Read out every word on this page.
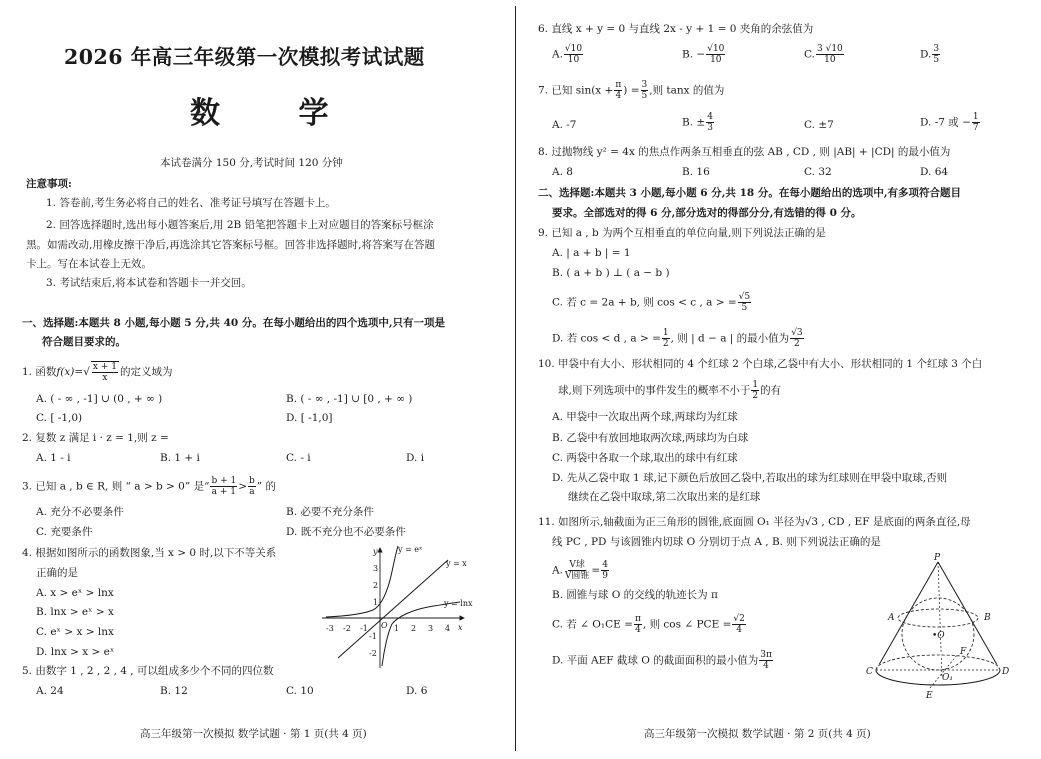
2026 年高三年级第一次模拟考试试题
数 学
本试卷满分 150 分,考试时间 120 分钟
注意事项:
1. 答卷前,考生务必将自己的姓名、准考证号填写在答题卡上。
2. 回答选择题时,选出每小题答案后,用 2B 铅笔把答题卡上对应题目的答案标号框涂
黑。如需改动,用橡皮擦干净后,再选涂其它答案标号框。回答非选择题时,将答案写在答题
卡上。写在本试卷上无效。
3. 考试结束后,将本试卷和答题卡一并交回。
一、选择题:本题共 8 小题,每小题 5 分,共 40 分。在每小题给出的四个选项中,只有一项是
符合题目要求的。
1. 函数$f(x)=√ \frac{x + 1}{x}$ 的定义域为
A. ( - ∞ , -1] ∪ (0 , + ∞ )	B. ( - ∞ , -1] ∪ [0 , + ∞ )
C. [ -1,0)	D. [ -1,0]
2. 复数 z 满足 i · z = 1,则 z =
A. 1 - i	B. 1 + i	C. - i	D. i
3. 已知 a , b ∈ R, 则 “ a > b > 0” 是“ $\frac{b + 1}{a + 1} > \frac{b}{a}$ ” 的
A. 充分不必要条件	B. 必要不充分条件
C. 充要条件	D. 既不充分也不必要条件
4. 根据如图所示的函数图象,当 x > 0 时,以下不等关系
正确的是
A. x > eˣ > lnx
B. lnx > eˣ > x
C. eˣ > x > lnx
D. lnx > x > eˣ
y
x
y = eˣ
y = x
y = lnx
O
-3 -2 -1	1 2 3 4
3
2
1
-1
-2
5. 由数字 1 , 2 , 2 , 4 , 可以组成多少个不同的四位数
A. 24	B. 12	C. 10	D. 6
高三年级第一次模拟 数学试题 · 第 1 页(共 4 页)
6. 直线 x + y = 0 与直线 2x - y + 1 = 0 夹角的余弦值为
A. $\frac{√10}{10}$	B. − $\frac{√10}{10}$	C. $\frac{3 √10}{10}$	D. $\frac{3}{5}$
7. 已知 $\sin(x + \frac{\pi}{4}$ ) = $\frac{3}{5}$ ,则 tanx 的值为
A. -7	B. ± $\frac{4}{3}$	C. ±7	D. -7 或 − $\frac{1}{7}$
8. 过抛物线 y² = 4x 的焦点作两条互相垂直的弦 AB , CD , 则 |AB| + |CD| 的最小值为
A. 8	B. 16	C. 32	D. 64
二、选择题:本题共 3 小题,每小题 6 分,共 18 分。在每小题给出的选项中,有多项符合题目
要求。全部选对的得 6 分,部分选对的得部分分,有选错的得 0 分。
9. 已知 a , b 为两个互相垂直的单位向量,则下列说法正确的是
A. | a + b | = 1
B. ( a + b ) ⊥ ( a − b )
C. 若 c = 2a + b, 则 cos < c , a > = $\frac{√5}{5}$
D. 若 cos < d , a > = $\frac{1}{2}$ , 则 | d − a | 的最小值为 $\frac{√3}{2}$
10. 甲袋中有大小、形状相同的 4 个红球 2 个白球,乙袋中有大小、形状相同的 1 个红球 3 个白
球,则下列选项中的事件发生的概率不小于 $\frac{1}{2}$ 的有
A. 甲袋中一次取出两个球,两球均为红球
B. 乙袋中有放回地取两次球,两球均为白球
C. 两袋中各取一个球,取出的球中有红球
D. 先从乙袋中取 1 球,记下颜色后放回乙袋中,若取出的球为红球则在甲袋中取球,否则
继续在乙袋中取球,第二次取出来的是红球
11. 如图所示,轴截面为正三角形的圆锥,底面圆 O₁ 半径为√3 , CD , EF 是底面的两条直径,母
线 PC , PD 与该圆锥内切球 O 分别切于点 A , B. 则下列说法正确的是
A. $\frac{\text{V球}}{\text{V圆锥}} = \frac{4}{9}$
B. 圆锥与球 O 的交线的轨迹长为 π
C. 若 ∠ $O_1CE = \frac{\pi}{4}$ , 则 cos ∠ PCE = $\frac{√2}{4}$
D. 平面 AEF 截球 O 的截面面积的最小值为 $\frac{3\pi}{4}$
P
A	B
•O
C	D
E
F
O₁
高三年级第一次模拟 数学试题 · 第 2 页(共 4 页)
